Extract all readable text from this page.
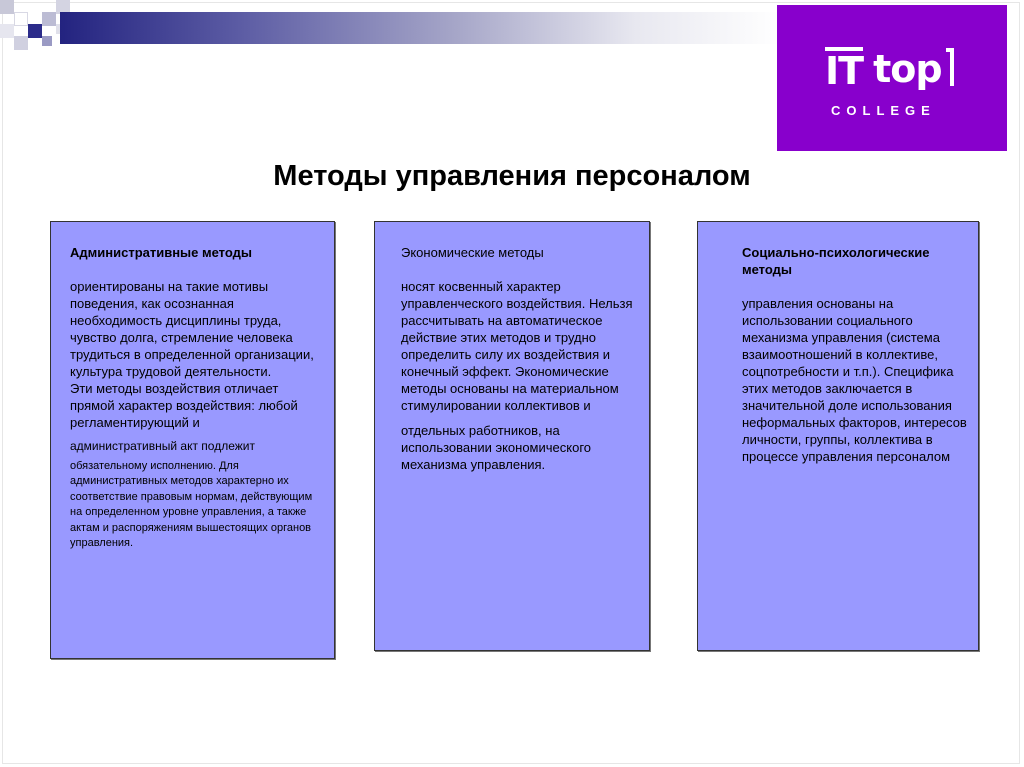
IT top
COLLEGE
Методы управления персоналом
Административные методы
ориентированы на такие мотивы поведения, как осознанная необходимость дисциплины труда, чувство долга, стремление человека трудиться в определенной организации, культура трудовой деятельности.
Эти методы воздействия отличает прямой характер воздействия: любой регламентирующий и
административный акт подлежит
обязательному исполнению. Для административных методов характерно их соответствие правовым нормам, действующим на определенном уровне управления, а также актам и распоряжениям вышестоящих органов управления.
Экономические методы
носят косвенный характер управленческого воздействия. Нельзя рассчитывать на автоматическое действие этих методов и трудно определить силу их воздействия и конечный эффект. Экономические методы основаны на материальном стимулировании коллективов и
отдельных работников, на использовании экономического механизма управления.
Социально-психологические методы
управления основаны на использовании социального механизма управления (система взаимоотношений в коллективе, соцпотребности и т.п.). Специфика этих методов заключается в значительной доле использования неформальных факторов, интересов личности, группы, коллектива в процессе управления персоналом
